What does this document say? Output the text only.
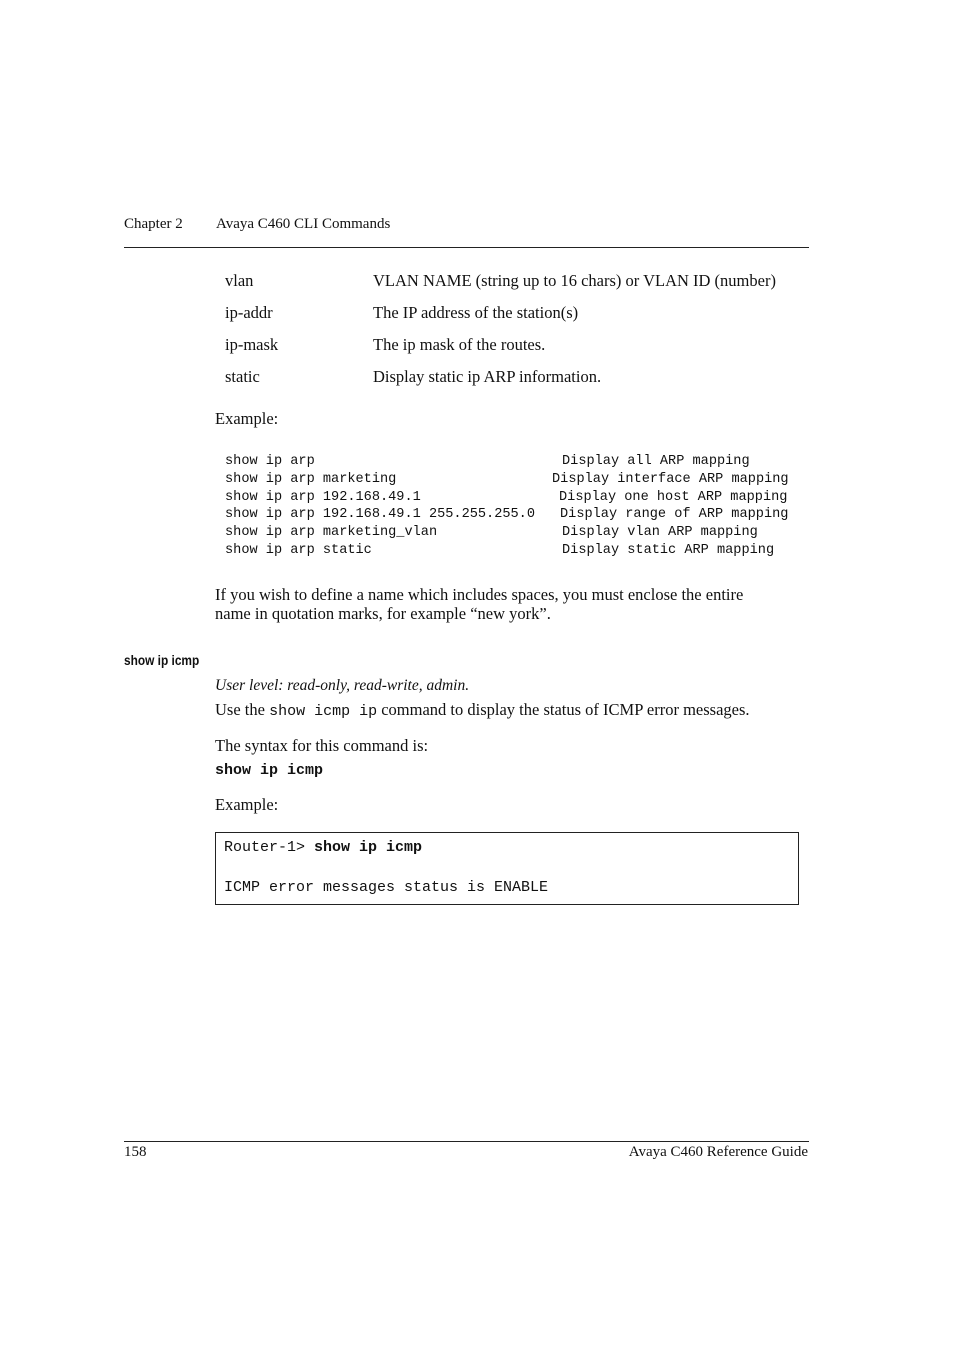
Chapter 2 Avaya C460 CLI Commands
vlan	VLAN NAME (string up to 16 chars) or VLAN ID (number)
ip-addr	The IP address of the station(s)
ip-mask	The ip mask of the routes.
static	Display static ip ARP information.
Example:
show ip arp	Display all ARP mapping
show ip arp marketing	Display interface ARP mapping
show ip arp 192.168.49.1	Display one host ARP mapping
show ip arp 192.168.49.1 255.255.255.0 Display range of ARP mapping
show ip arp marketing_vlan	Display vlan ARP mapping
show ip arp static	Display static ARP mapping
If you wish to define a name which includes spaces, you must enclose the entire
name in quotation marks, for example “new york”.
show ip icmp
User level: read-only, read-write, admin.
Use the show icmp ip command to display the status of ICMP error messages.
The syntax for this command is:
show ip icmp
Example:
Router-1> show ip icmp
ICMP error messages status is ENABLE
158	Avaya C460 Reference Guide
